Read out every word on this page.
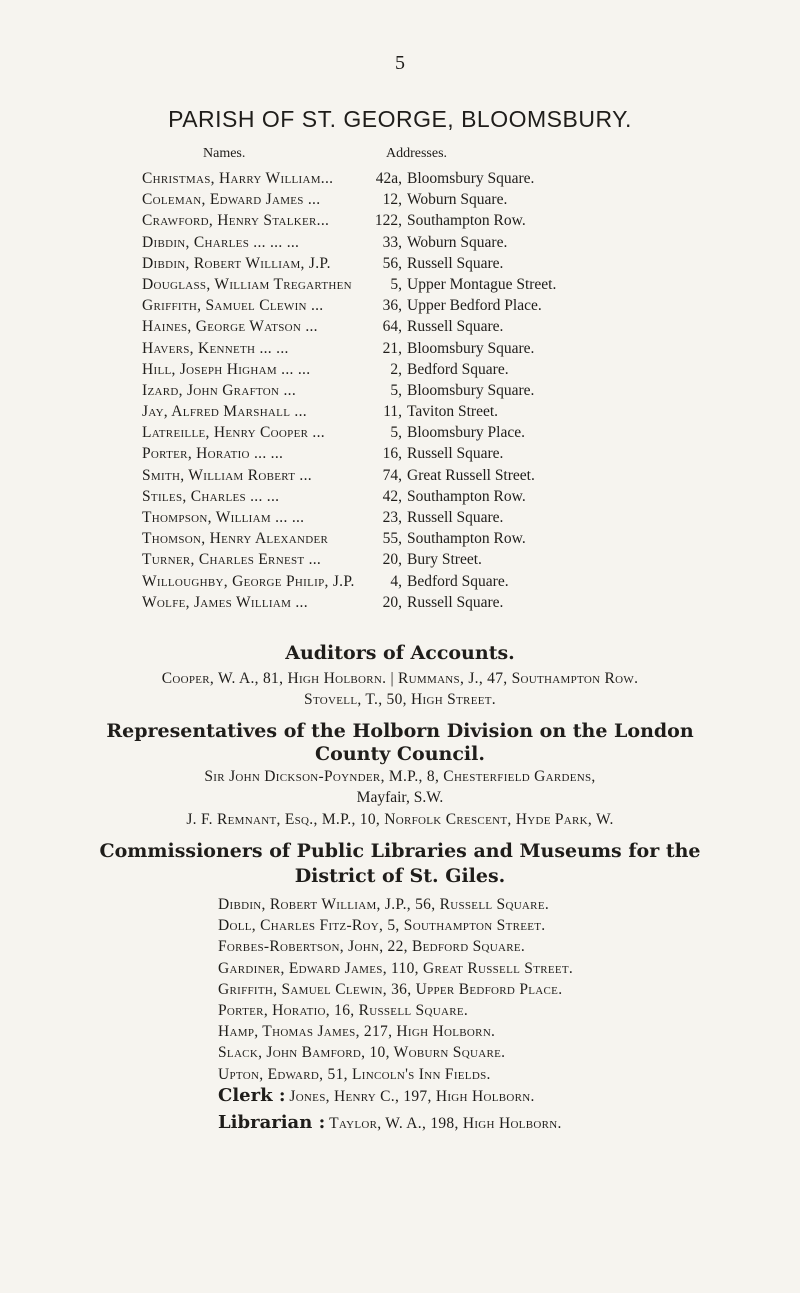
5
PARISH OF ST. GEORGE, BLOOMSBURY.
Names.	Addresses.
Christmas, Harry William...	42a, Bloomsbury Square.
Coleman, Edward James ...	12, Woburn Square.
Crawford, Henry Stalker...	122, Southampton Row.
Dibdin, Charles ... ... ...	33, Woburn Square.
Dibdin, Robert William, J.P.	56, Russell Square.
Douglass, William Tregarthen	5, Upper Montague Street.
Griffith, Samuel Clewin ...	36, Upper Bedford Place.
Haines, George Watson ...	64, Russell Square.
Havers, Kenneth ... ...	21, Bloomsbury Square.
Hill, Joseph Higham ... ...	2, Bedford Square.
Izard, John Grafton ...	5, Bloomsbury Square.
Jay, Alfred Marshall ...	11, Taviton Street.
Latreille, Henry Cooper ...	5, Bloomsbury Place.
Porter, Horatio ... ...	16, Russell Square.
Smith, William Robert ...	74, Great Russell Street.
Stiles, Charles ... ...	42, Southampton Row.
Thompson, William ... ...	23, Russell Square.
Thomson, Henry Alexander	55, Southampton Row.
Turner, Charles Ernest ...	20, Bury Street.
Willoughby, George Philip, J.P.	4, Bedford Square.
Wolfe, James William ...	20, Russell Square.
Auditors of Accounts.
Cooper, W. A., 81, High Holborn. | Rummans, J., 47, Southampton Row.
Stovell, T., 50, High Street.
Representatives of the Holborn Division on the London
County Council.
Sir John Dickson-Poynder, M.P., 8, Chesterfield Gardens,
Mayfair, S.W.
J. F. Remnant, Esq., M.P., 10, Norfolk Crescent, Hyde Park, W.
Commissioners of Public Libraries and Museums for the
District of St. Giles.
Dibdin, Robert William, J.P., 56, Russell Square.
Doll, Charles Fitz-Roy, 5, Southampton Street.
Forbes-Robertson, John, 22, Bedford Square.
Gardiner, Edward James, 110, Great Russell Street.
Griffith, Samuel Clewin, 36, Upper Bedford Place.
Porter, Horatio, 16, Russell Square.
Hamp, Thomas James, 217, High Holborn.
Slack, John Bamford, 10, Woburn Square.
Upton, Edward, 51, Lincoln's Inn Fields.
Clerk : Jones, Henry C., 197, High Holborn.
Librarian : Taylor, W. A., 198, High Holborn.
